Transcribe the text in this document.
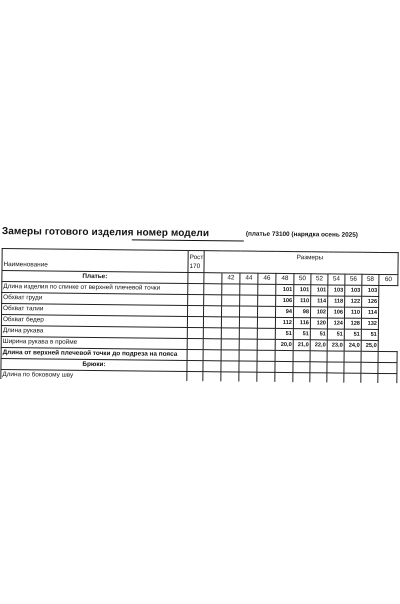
Замеры готового изделия номер модели	(платье 73100 (нарядка осень 2025)
Наименование	Рост
170		Размеры									
Платье:			42	44	46	48	50	52	54	56	58	60
Длина изделия по спинке от верхней плечевой точки						101	101	101	103	103	103	
Обхват груди						106	110	114	118	122	126	
Обхват талии						94	98	102	106	110	114	
Обхват бедер						112	116	120	124	128	132	
Длина рукава						51	51	51	51	51	51	
Ширина рукава в пройме						20,0	21,0	22,0	23,0	24,0	25,0	
Длина от верхней плечевой точки до подреза на пояса												
Брюки:												
Длина по боковому шву												
